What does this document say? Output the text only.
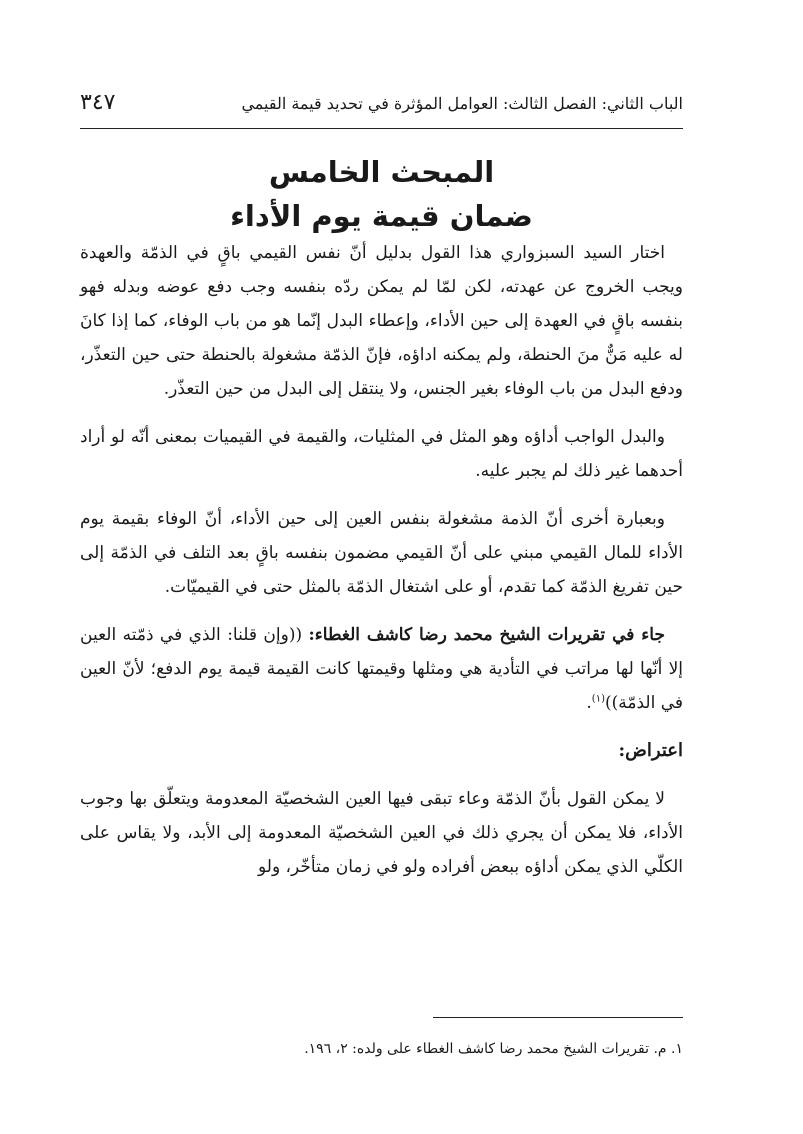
الباب الثاني: الفصل الثالث: العوامل المؤثرة في تحديد قيمة القيمي
٣٤٧
المبحث الخامس
ضمان قيمة يوم الأداء

اختار السيد السبزواري هذا القول بدليل أنّ نفس القيمي باقٍ في الذمّة والعهدة ويجب الخروج عن عهدته، لكن لمّا لم يمكن ردّه بنفسه وجب دفع عوضه وبدله فهو بنفسه باقٍ في العهدة إلى حين الأداء، وإعطاء البدل إنّما هو من باب الوفاء، كما إذا كانَ له عليه مَنٌّ منَ الحنطة، ولم يمكنه اداؤه، فإنّ الذمّة مشغولة بالحنطة حتى حين التعذّر، ودفع البدل من باب الوفاء بغير الجنس، ولا ينتقل إلى البدل من حين التعذّر.

والبدل الواجب أداؤه وهو المثل في المثليات، والقيمة في القيميات بمعنى أنّه لو أراد أحدهما غير ذلك لم يجبر عليه.

وبعبارة أخرى أنّ الذمة مشغولة بنفس العين إلى حين الأداء، أنّ الوفاء بقيمة يوم الأداء للمال القيمي مبني على أنّ القيمي مضمون بنفسه باقٍ بعد التلف في الذمّة إلى حين تفريغ الذمّة كما تقدم، أو على اشتغال الذمّة بالمثل حتى في القيميّات.

جاء في تقريرات الشيخ محمد رضا كاشف الغطاء: ((وإن قلنا: الذي في ذمّته العين إلا أنّها لها مراتب في التأدية هي ومثلها وقيمتها كانت القيمة قيمة يوم الدفع؛ لأنّ العين في الذمّة))$^{(١)}$.

اعتراض:

لا يمكن القول بأنّ الذمّة وعاء تبقى فيها العين الشخصيّة المعدومة ويتعلّق بها وجوب الأداء، فلا يمكن أن يجري ذلك في العين الشخصيّة المعدومة إلى الأبد، ولا يقاس على الكلّي الذي يمكن أداؤه ببعض أفراده ولو في زمان متأخّر، ولو

١. م. تقريرات الشيخ محمد رضا كاشف الغطاء على ولده: ٢، ١٩٦.
